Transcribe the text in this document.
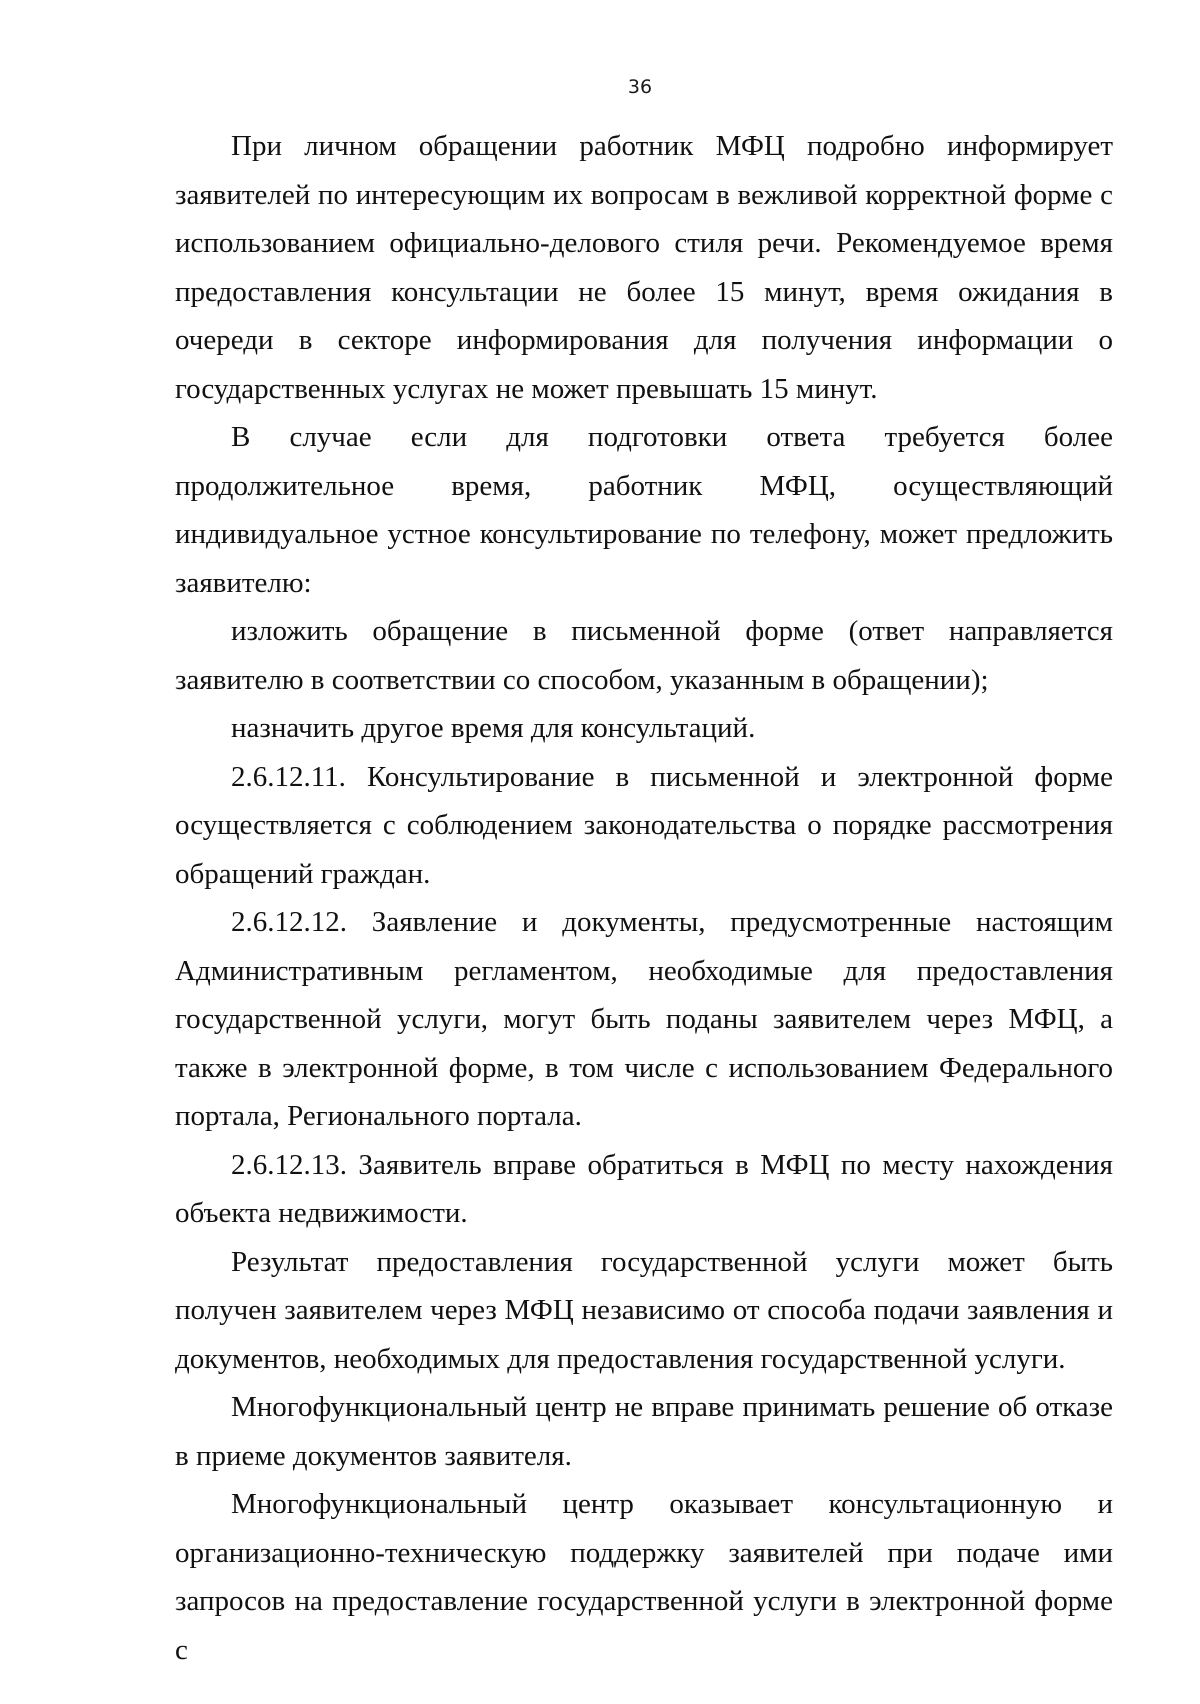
36

При личном обращении работник МФЦ подробно информирует заявителей по интересующим их вопросам в вежливой корректной форме с использованием официально-делового стиля речи. Рекомендуемое время предоставления консультации не более 15 минут, время ожидания в очереди в секторе информирования для получения информации о государственных услугах не может превышать 15 минут.

В случае если для подготовки ответа требуется более продолжительное время, работник МФЦ, осуществляющий индивидуальное устное консультирование по телефону, может предложить заявителю:

изложить обращение в письменной форме (ответ направляется заявителю в соответствии со способом, указанным в обращении);

назначить другое время для консультаций.

2.6.12.11. Консультирование в письменной и электронной форме осуществляется с соблюдением законодательства о порядке рассмотрения обращений граждан.

2.6.12.12. Заявление и документы, предусмотренные настоящим Административным регламентом, необходимые для предоставления государственной услуги, могут быть поданы заявителем через МФЦ, а также в электронной форме, в том числе с использованием Федерального портала, Регионального портала.

2.6.12.13. Заявитель вправе обратиться в МФЦ по месту нахождения объекта недвижимости.

Результат предоставления государственной услуги может быть получен заявителем через МФЦ независимо от способа подачи заявления и документов, необходимых для предоставления государственной услуги.

Многофункциональный центр не вправе принимать решение об отказе в приеме документов заявителя.

Многофункциональный центр оказывает консультационную и организационно-техническую поддержку заявителей при подаче ими запросов на предоставление государственной услуги в электронной форме с
